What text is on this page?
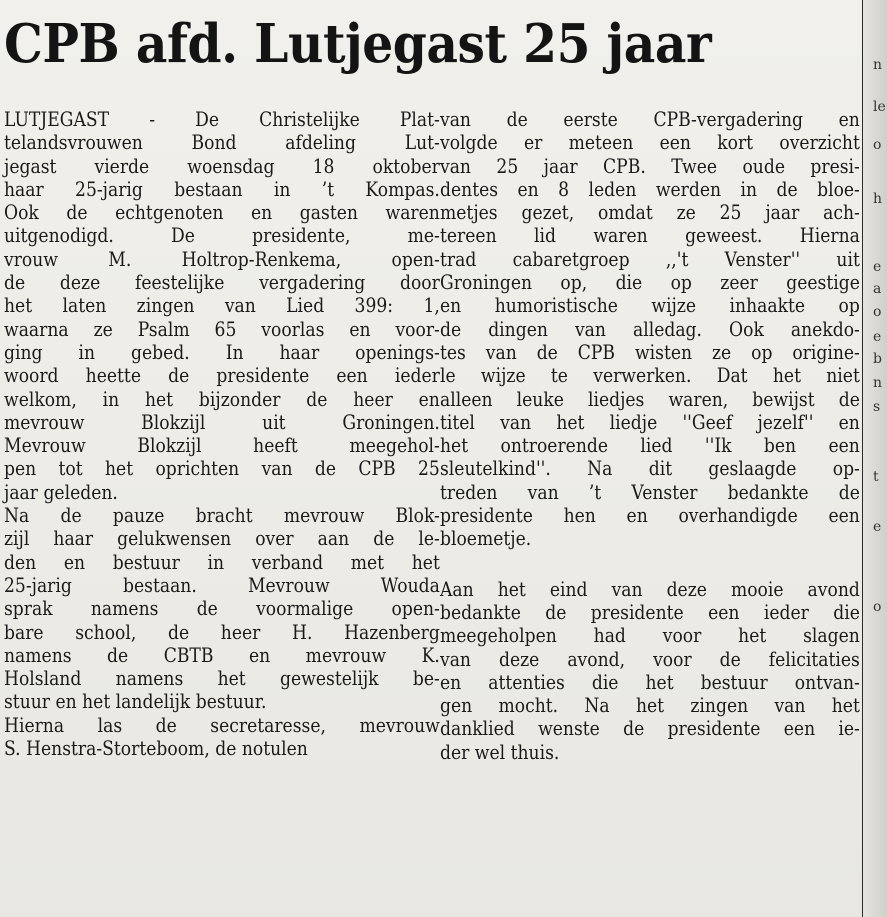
CPB afd. Lutjegast 25 jaar
LUTJEGAST - De Christelijke Plat-
telandsvrouwen Bond afdeling Lut-
jegast vierde woensdag 18 oktober
haar 25-jarig bestaan in ’t Kompas.
Ook de echtgenoten en gasten waren
uitgenodigd. De presidente, me-
vrouw M. Holtrop-Renkema, open-
de deze feestelijke vergadering door
het laten zingen van Lied 399: 1,
waarna ze Psalm 65 voorlas en voor-
ging in gebed. In haar openings-
woord heette de presidente een ieder
welkom, in het bijzonder de heer en
mevrouw Blokzijl uit Groningen.
Mevrouw Blokzijl heeft meegehol-
pen tot het oprichten van de CPB 25
jaar geleden.
Na de pauze bracht mevrouw Blok-
zijl haar gelukwensen over aan de le-
den en bestuur in verband met het
25-jarig bestaan. Mevrouw Wouda
sprak namens de voormalige open-
bare school, de heer H. Hazenberg
namens de CBTB en mevrouw K.
Holsland namens het gewestelijk be-
stuur en het landelijk bestuur.
Hierna las de secretaresse, mevrouw
S. Henstra-Storteboom, de notulen
van de eerste CPB-vergadering en
volgde er meteen een kort overzicht
van 25 jaar CPB. Twee oude presi-
dentes en 8 leden werden in de bloe-
metjes gezet, omdat ze 25 jaar ach-
tereen lid waren geweest. Hierna
trad cabaretgroep ,,'t Venster'' uit
Groningen op, die op zeer geestige
en humoristische wijze inhaakte op
de dingen van alledag. Ook anekdo-
tes van de CPB wisten ze op origine-
le wijze te verwerken. Dat het niet
alleen leuke liedjes waren, bewijst de
titel van het liedje ''Geef jezelf'' en
het ontroerende lied ''Ik ben een
sleutelkind''. Na dit geslaagde op-
treden van ’t Venster bedankte de
presidente hen en overhandigde een
bloemetje.
Aan het eind van deze mooie avond
bedankte de presidente een ieder die
meegeholpen had voor het slagen
van deze avond, voor de felicitaties
en attenties die het bestuur ontvan-
gen mocht. Na het zingen van het
danklied wenste de presidente een ie-
der wel thuis.
n
le
o
h
e
a
o
e
b
n
s
t
e
o
